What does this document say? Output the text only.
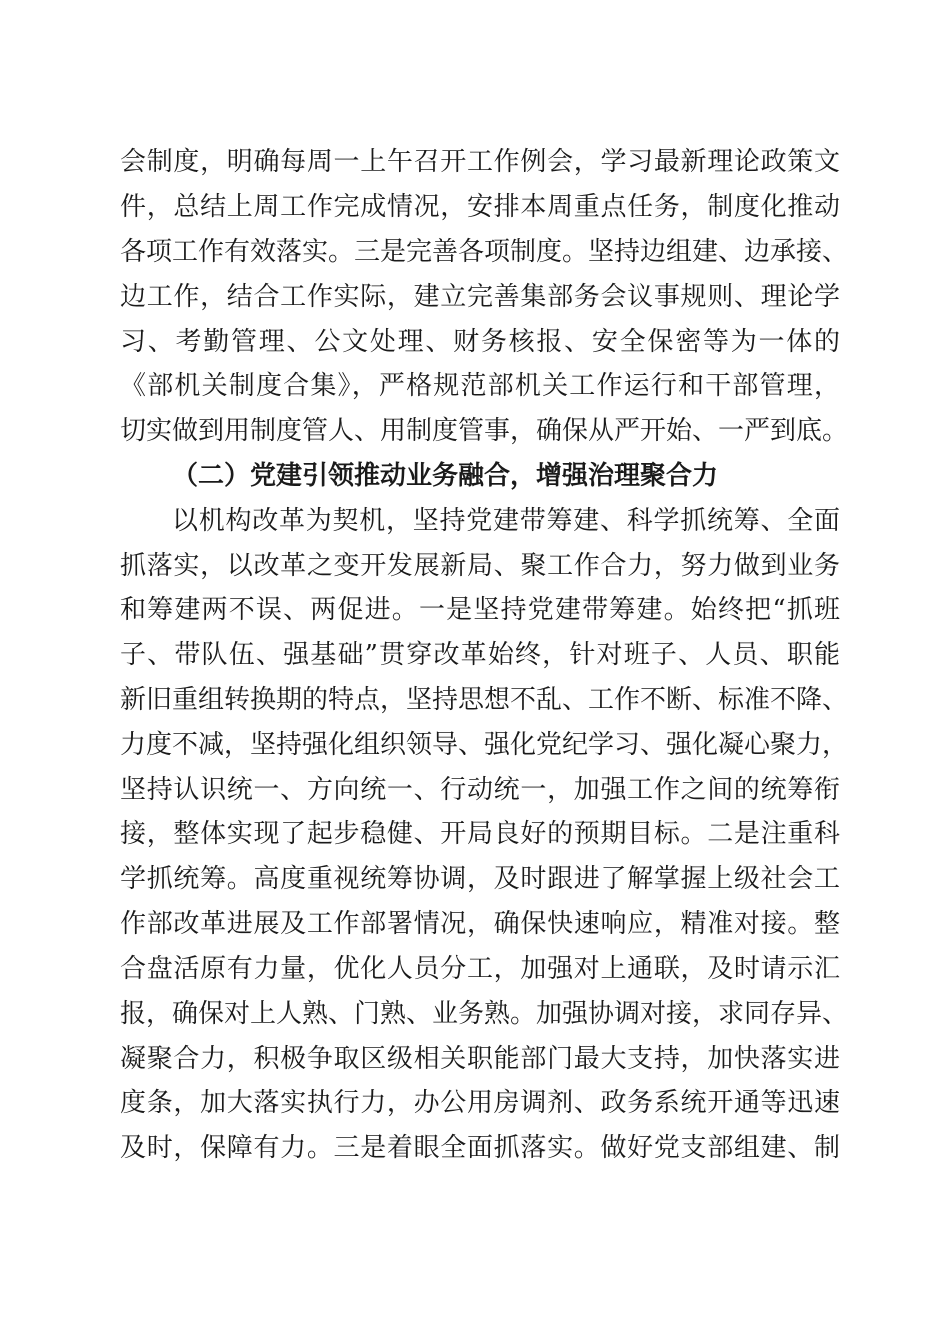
会制度，明确每周一上午召开工作例会，学习最新理论政策文
件，总结上周工作完成情况，安排本周重点任务，制度化推动
各项工作有效落实。三是完善各项制度。坚持边组建、边承接、
边工作，结合工作实际，建立完善集部务会议事规则、理论学
习、考勤管理、公文处理、财务核报、安全保密等为一体的
《部机关制度合集》，严格规范部机关工作运行和干部管理，
切实做到用制度管人、用制度管事，确保从严开始、一严到底。
（二）党建引领推动业务融合，增强治理聚合力
以机构改革为契机，坚持党建带筹建、科学抓统筹、全面
抓落实，以改革之变开发展新局、聚工作合力，努力做到业务
和筹建两不误、两促进。一是坚持党建带筹建。始终把“抓班
子、带队伍、强基础”贯穿改革始终，针对班子、人员、职能
新旧重组转换期的特点，坚持思想不乱、工作不断、标准不降、
力度不减，坚持强化组织领导、强化党纪学习、强化凝心聚力，
坚持认识统一、方向统一、行动统一，加强工作之间的统筹衔
接，整体实现了起步稳健、开局良好的预期目标。二是注重科
学抓统筹。高度重视统筹协调，及时跟进了解掌握上级社会工
作部改革进展及工作部署情况，确保快速响应，精准对接。整
合盘活原有力量，优化人员分工，加强对上通联，及时请示汇
报，确保对上人熟、门熟、业务熟。加强协调对接，求同存异、
凝聚合力，积极争取区级相关职能部门最大支持，加快落实进
度条，加大落实执行力，办公用房调剂、政务系统开通等迅速
及时，保障有力。三是着眼全面抓落实。做好党支部组建、制
